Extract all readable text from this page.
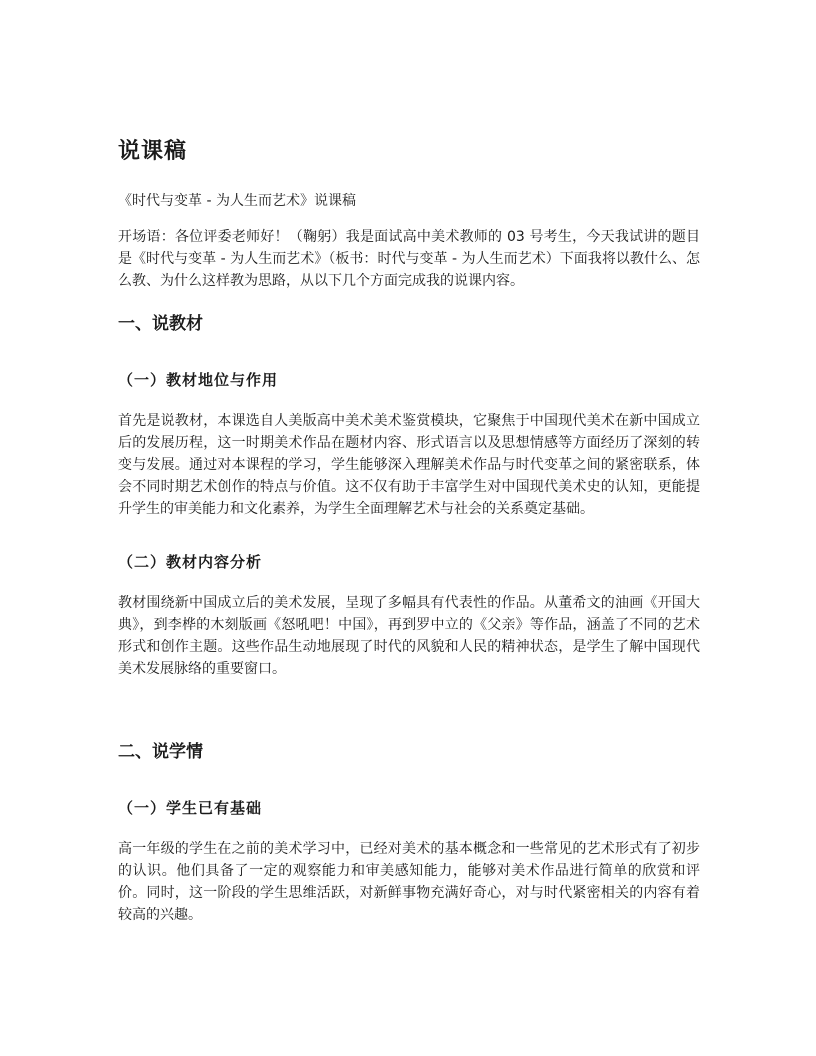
说课稿
《时代与变革 - 为人生而艺术》说课稿

开场语：各位评委老师好！（鞠躬）我是面试高中美术教师的 03 号考生，今天我试讲的题目是《时代与变革 - 为人生而艺术》（板书：时代与变革 - 为人生而艺术）下面我将以教什么、怎么教、为什么这样教为思路，从以下几个方面完成我的说课内容。

一、说教材
（一）教材地位与作用

首先是说教材，本课选自人美版高中美术美术鉴赏模块，它聚焦于中国现代美术在新中国成立后的发展历程，这一时期美术作品在题材内容、形式语言以及思想情感等方面经历了深刻的转变与发展。通过对本课程的学习，学生能够深入理解美术作品与时代变革之间的紧密联系，体会不同时期艺术创作的特点与价值。这不仅有助于丰富学生对中国现代美术史的认知，更能提升学生的审美能力和文化素养，为学生全面理解艺术与社会的关系奠定基础。

（二）教材内容分析

教材围绕新中国成立后的美术发展，呈现了多幅具有代表性的作品。从董希文的油画《开国大典》，到李桦的木刻版画《怒吼吧！中国》，再到罗中立的《父亲》等作品，涵盖了不同的艺术形式和创作主题。这些作品生动地展现了时代的风貌和人民的精神状态，是学生了解中国现代美术发展脉络的重要窗口。

二、说学情
（一）学生已有基础

高一年级的学生在之前的美术学习中，已经对美术的基本概念和一些常见的艺术形式有了初步的认识。他们具备了一定的观察能力和审美感知能力，能够对美术作品进行简单的欣赏和评价。同时，这一阶段的学生思维活跃，对新鲜事物充满好奇心，对与时代紧密相关的内容有着较高的兴趣。
